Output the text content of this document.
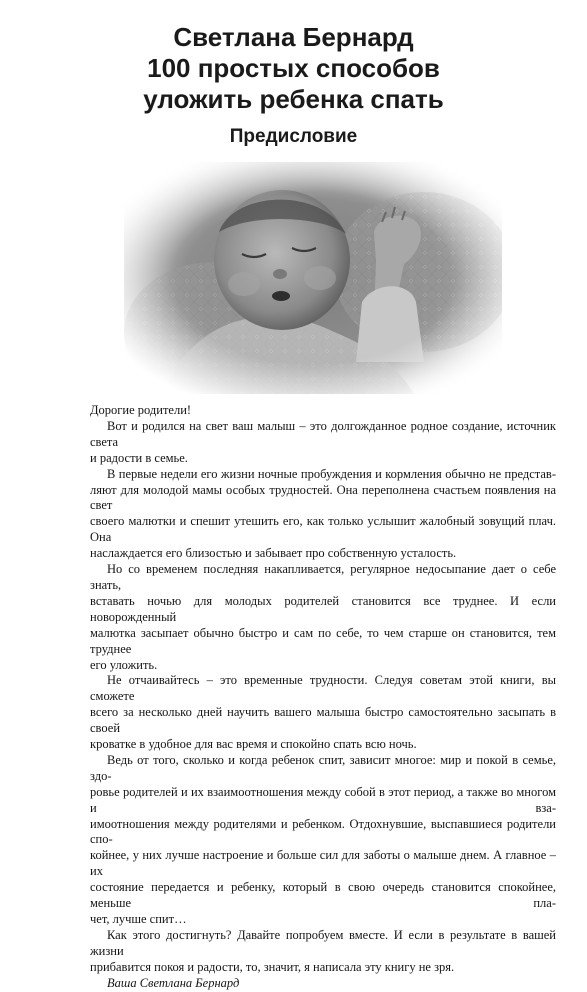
Светлана Бернард
100 простых способов
уложить ребенка спать
Предисловие

Дорогие родители!

Вот и родился на свет ваш малыш – это долгожданное родное создание, источник света
и радости в семье.

В первые недели его жизни ночные пробуждения и кормления обычно не представ-
ляют для молодой мамы особых трудностей. Она переполнена счастьем появления на свет
своего малютки и спешит утешить его, как только услышит жалобный зовущий плач. Она
наслаждается его близостью и забывает про собственную усталость.

Но со временем последняя накапливается, регулярное недосыпание дает о себе знать,
вставать ночью для молодых родителей становится все труднее. И если новорожденный
малютка засыпает обычно быстро и сам по себе, то чем старше он становится, тем труднее
его уложить.

Не отчаивайтесь – это временные трудности. Следуя советам этой книги, вы сможете
всего за несколько дней научить вашего малыша быстро самостоятельно засыпать в своей
кроватке в удобное для вас время и спокойно спать всю ночь.

Ведь от того, сколько и когда ребенок спит, зависит многое: мир и покой в семье, здо-
ровье родителей и их взаимоотношения между собой в этот период, а также во многом и вза-
имоотношения между родителями и ребенком. Отдохнувшие, выспавшиеся родители спо-
койнее, у них лучше настроение и больше сил для заботы о малыше днем. А главное – их
состояние передается и ребенку, который в свою очередь становится спокойнее, меньше пла-
чет, лучше спит…

Как этого достигнуть? Давайте попробуем вместе. И если в результате в вашей жизни
прибавится покоя и радости, то, значит, я написала эту книгу не зря.

Ваша Светлана Бернард
